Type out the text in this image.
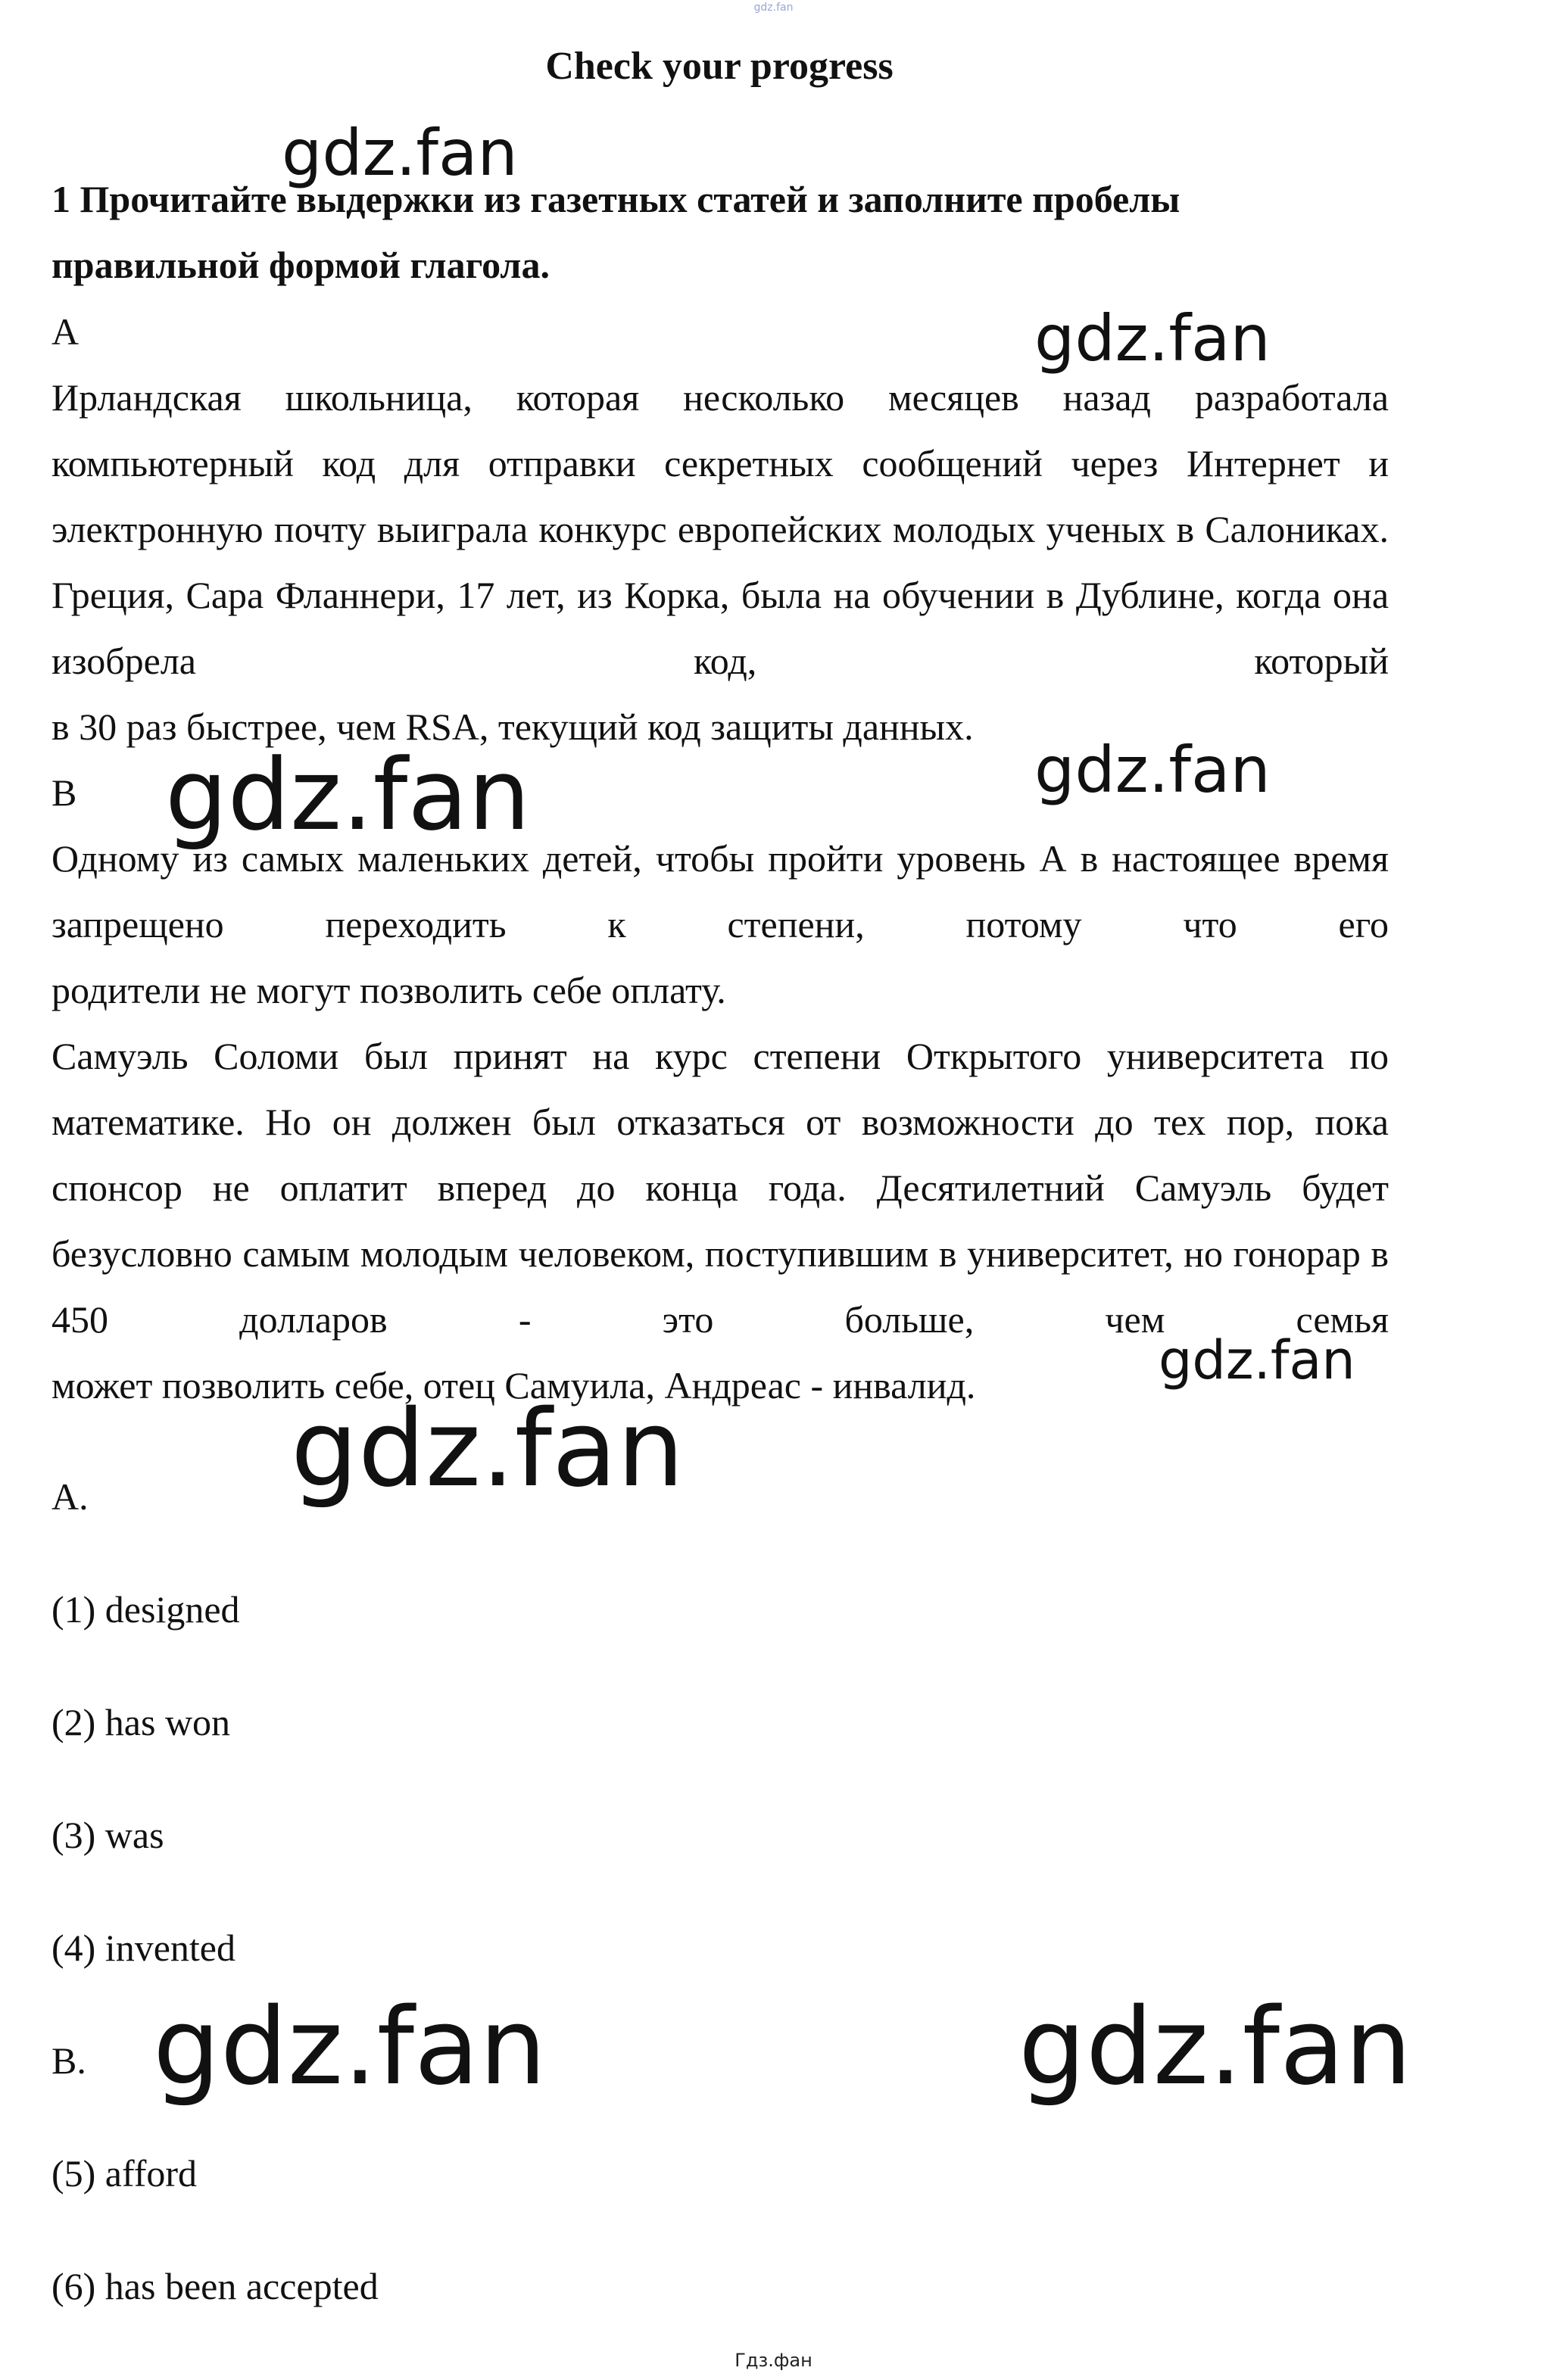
gdz.fan
Check your progress

1 Прочитайте выдержки из газетных статей и заполните пробелы правильной формой глагола.

A
Ирландская школьница, которая несколько месяцев назад разработала компьютерный код для отправки секретных сообщений через Интернет и электронную почту выиграла конкурс европейских молодых ученых в Салониках. Греция, Сара Фланнери, 17 лет, из Корка, была на обучении в Дублине, когда она изобрела код, который
в 30 раз быстрее, чем RSA, текущий код защиты данных.
B
Одному из самых маленьких детей, чтобы пройти уровень А в настоящее время запрещено переходить к степени, потому что его
родители не могут позволить себе оплату.
Самуэль Соломи был принят на курс степени Открытого университета по математике. Но он должен был отказаться от возможности до тех пор, пока спонсор не оплатит вперед до конца года. Десятилетний Самуэль будет безусловно самым молодым человеком, поступившим в университет, но гонорар в 450 долларов - это больше, чем семья
может позволить себе, отец Самуила, Андреас - инвалид.
A.
(1) designed
(2) has won
(3) was
(4) invented
B.
(5) afford
(6) has been accepted
gdz.fan
gdz.fan
gdz.fan	gdz.fan
gdz.fan
gdz.fan
gdz.fan	gdz.fan
Гдз.фан
